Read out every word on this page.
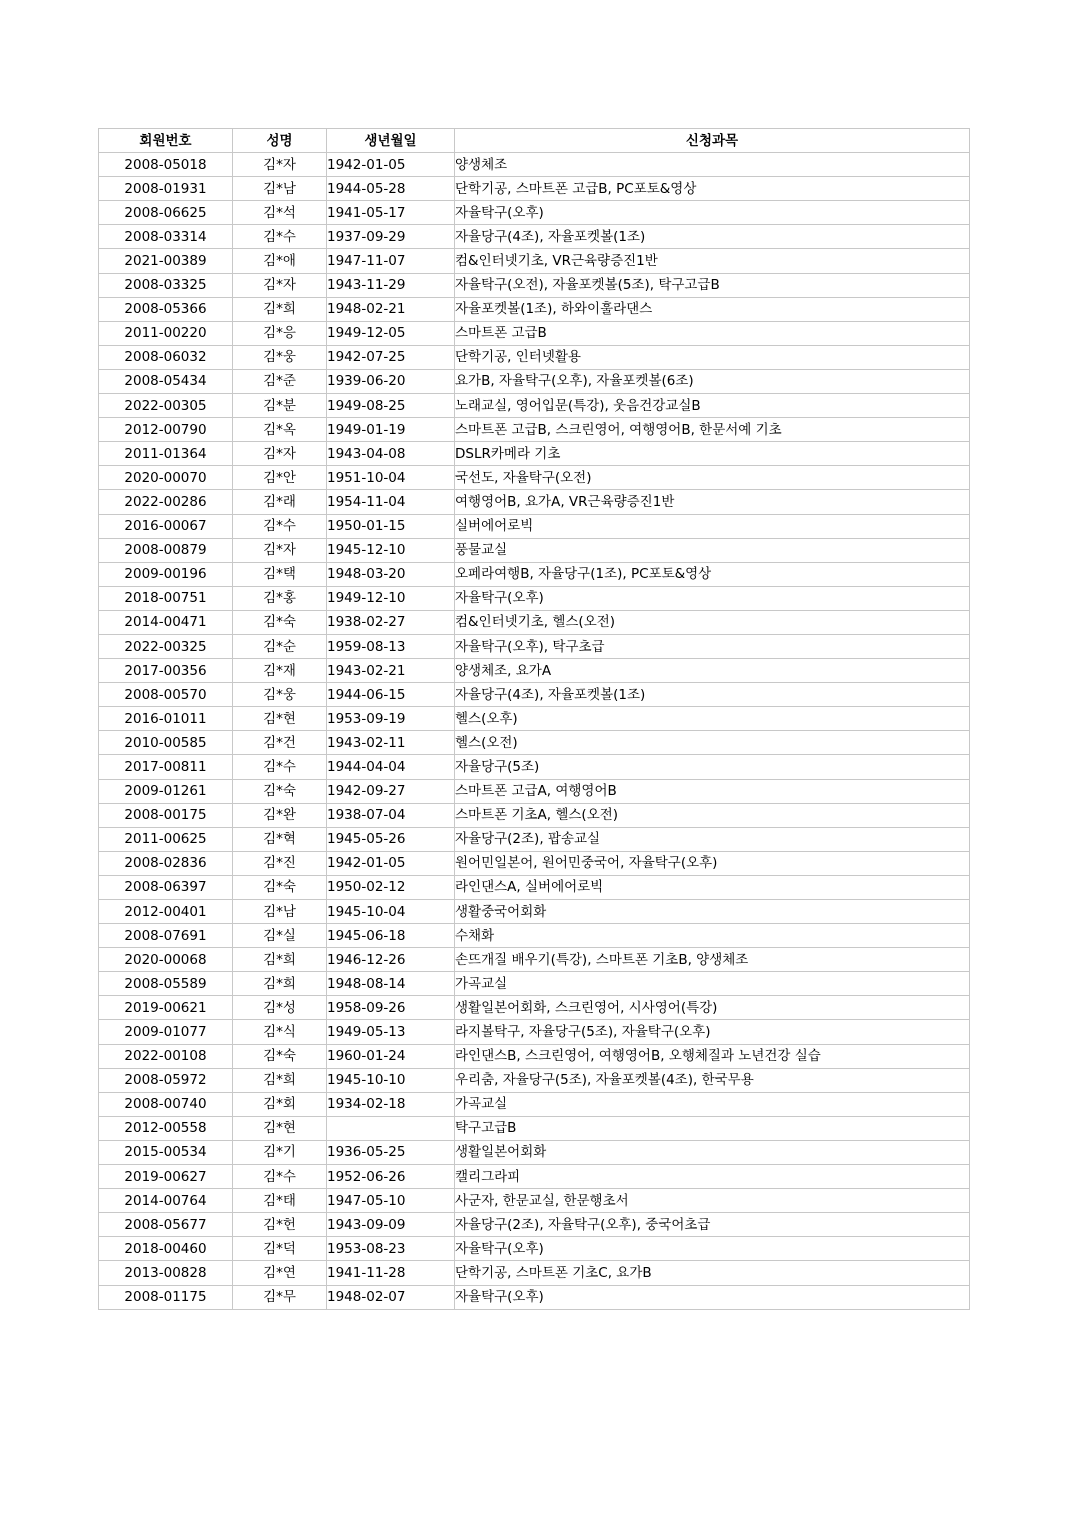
회원번호	성명	생년월일	신청과목
2008-05018	김*자	1942-01-05	양생체조
2008-01931	김*남	1944-05-28	단학기공, 스마트폰 고급B, PC포토&영상
2008-06625	김*석	1941-05-17	자율탁구(오후)
2008-03314	김*수	1937-09-29	자율당구(4조), 자율포켓볼(1조)
2021-00389	김*애	1947-11-07	컴&인터넷기초, VR근육량증진1반
2008-03325	김*자	1943-11-29	자율탁구(오전), 자율포켓볼(5조), 탁구고급B
2008-05366	김*희	1948-02-21	자율포켓볼(1조), 하와이훌라댄스
2011-00220	김*응	1949-12-05	스마트폰 고급B
2008-06032	김*웅	1942-07-25	단학기공, 인터넷활용
2008-05434	김*준	1939-06-20	요가B, 자율탁구(오후), 자율포켓볼(6조)
2022-00305	김*분	1949-08-25	노래교실, 영어입문(특강), 웃음건강교실B
2012-00790	김*옥	1949-01-19	스마트폰 고급B, 스크린영어, 여행영어B, 한문서예 기초
2011-01364	김*자	1943-04-08	DSLR카메라 기초
2020-00070	김*안	1951-10-04	국선도, 자율탁구(오전)
2022-00286	김*래	1954-11-04	여행영어B, 요가A, VR근육량증진1반
2016-00067	김*수	1950-01-15	실버에어로빅
2008-00879	김*자	1945-12-10	풍물교실
2009-00196	김*택	1948-03-20	오페라여행B, 자율당구(1조), PC포토&영상
2018-00751	김*홍	1949-12-10	자율탁구(오후)
2014-00471	김*숙	1938-02-27	컴&인터넷기초, 헬스(오전)
2022-00325	김*순	1959-08-13	자율탁구(오후), 탁구초급
2017-00356	김*재	1943-02-21	양생체조, 요가A
2008-00570	김*웅	1944-06-15	자율당구(4조), 자율포켓볼(1조)
2016-01011	김*현	1953-09-19	헬스(오후)
2010-00585	김*건	1943-02-11	헬스(오전)
2017-00811	김*수	1944-04-04	자율당구(5조)
2009-01261	김*숙	1942-09-27	스마트폰 고급A, 여행영어B
2008-00175	김*완	1938-07-04	스마트폰 기초A, 헬스(오전)
2011-00625	김*혁	1945-05-26	자율당구(2조), 팝송교실
2008-02836	김*진	1942-01-05	원어민일본어, 원어민중국어, 자율탁구(오후)
2008-06397	김*숙	1950-02-12	라인댄스A, 실버에어로빅
2012-00401	김*남	1945-10-04	생활중국어회화
2008-07691	김*실	1945-06-18	수채화
2020-00068	김*희	1946-12-26	손뜨개질 배우기(특강), 스마트폰 기초B, 양생체조
2008-05589	김*희	1948-08-14	가곡교실
2019-00621	김*성	1958-09-26	생활일본어회화, 스크린영어, 시사영어(특강)
2009-01077	김*식	1949-05-13	라지볼탁구, 자율당구(5조), 자율탁구(오후)
2022-00108	김*숙	1960-01-24	라인댄스B, 스크린영어, 여행영어B, 오행체질과 노년건강 실습
2008-05972	김*희	1945-10-10	우리춤, 자율당구(5조), 자율포켓볼(4조), 한국무용
2008-00740	김*회	1934-02-18	가곡교실
2012-00558	김*현		탁구고급B
2015-00534	김*기	1936-05-25	생활일본어회화
2019-00627	김*수	1952-06-26	캘리그라피
2014-00764	김*태	1947-05-10	사군자, 한문교실, 한문행초서
2008-05677	김*헌	1943-09-09	자율당구(2조), 자율탁구(오후), 중국어초급
2018-00460	김*덕	1953-08-23	자율탁구(오후)
2013-00828	김*연	1941-11-28	단학기공, 스마트폰 기초C, 요가B
2008-01175	김*무	1948-02-07	자율탁구(오후)
